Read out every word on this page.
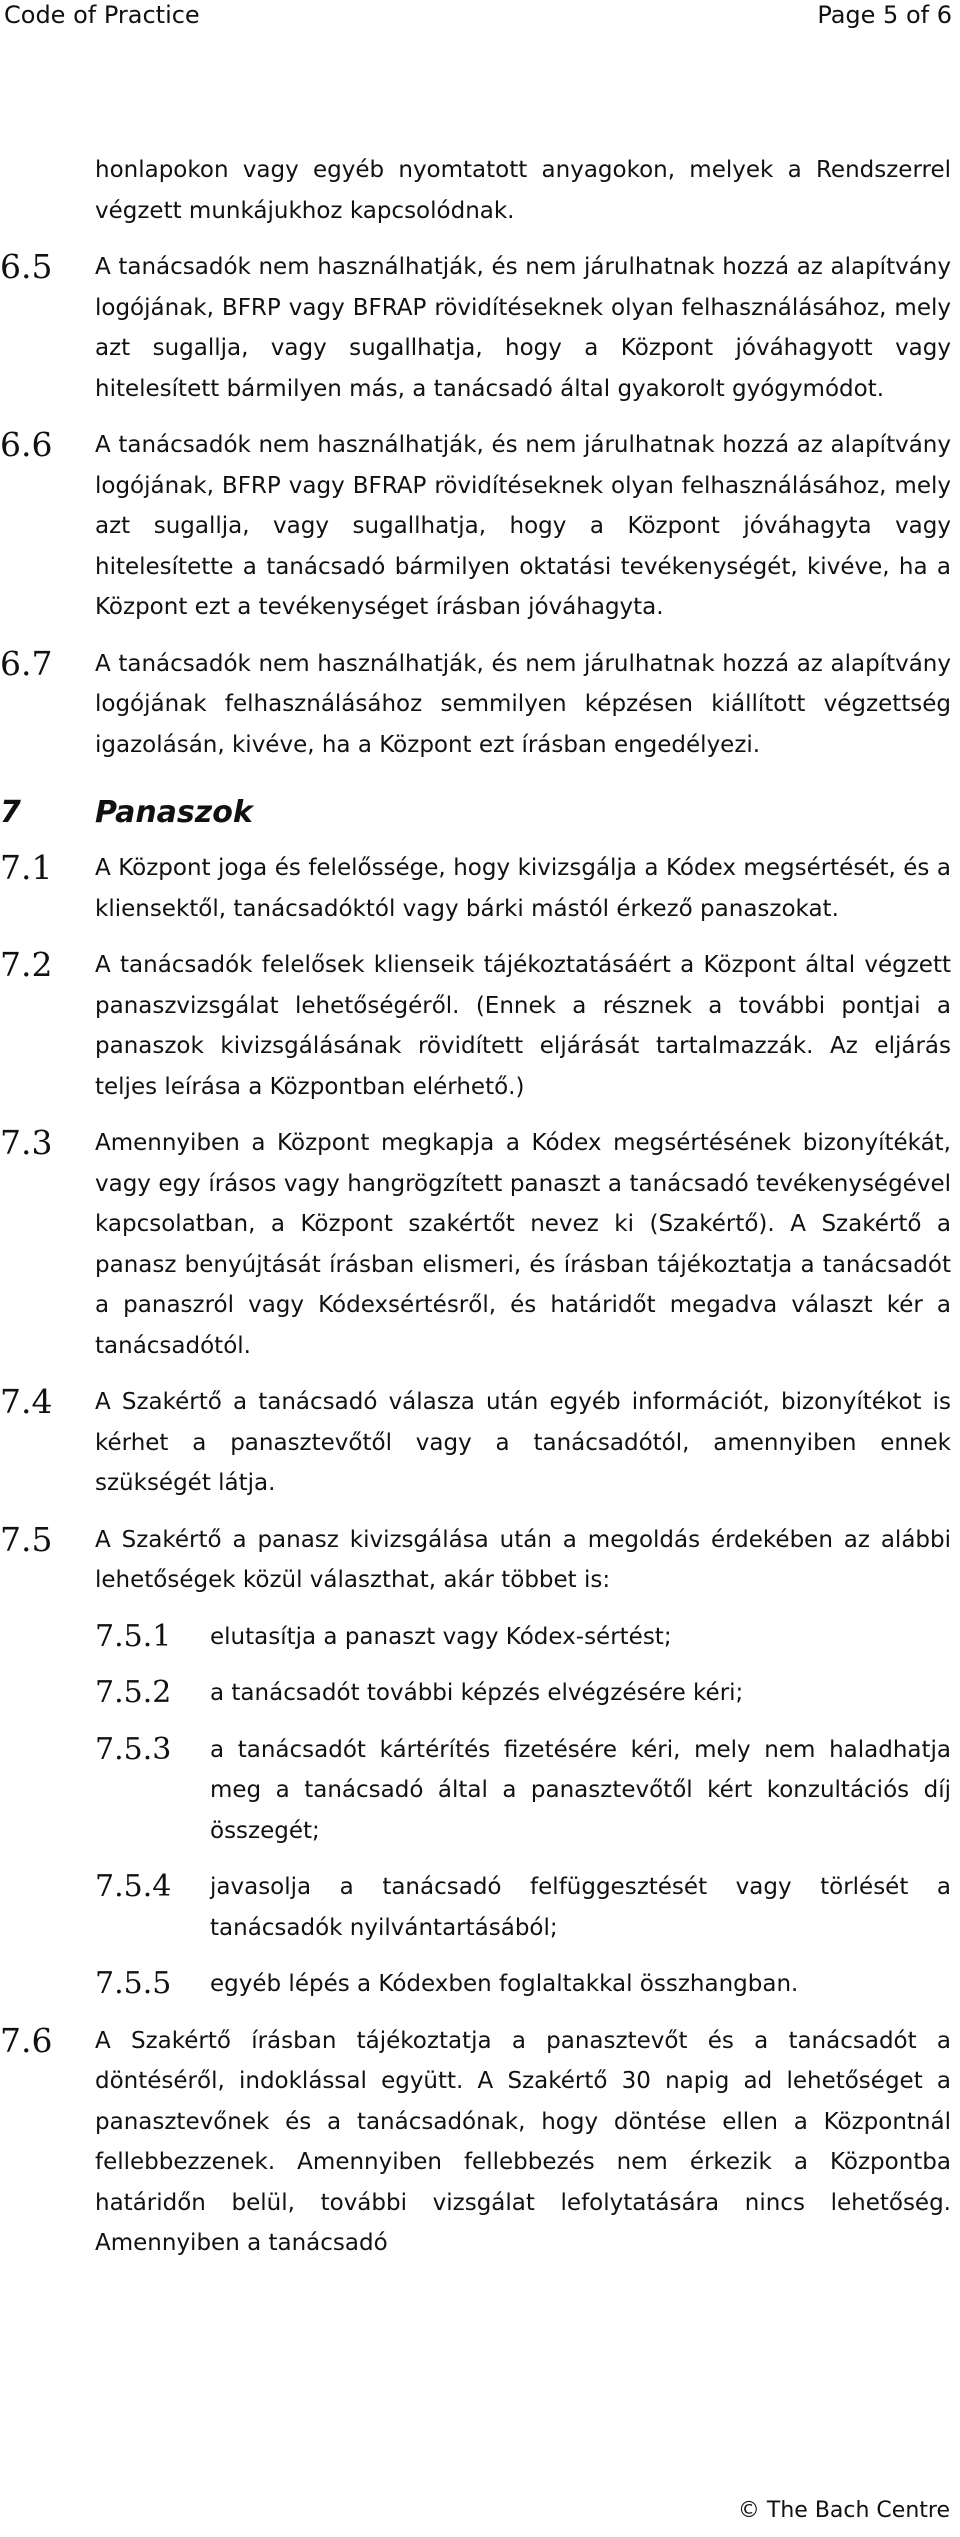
Code of Practice	Page 5 of 6
honlapokon vagy egyéb nyomtatott anyagokon, melyek a Rendszerrel végzett munkájukhoz kapcsolódnak.
6.5 A tanácsadók nem használhatják, és nem járulhatnak hozzá az alapítvány logójának, BFRP vagy BFRAP rövidítéseknek olyan felhasználásához, mely azt sugallja, vagy sugallhatja, hogy a Központ jóváhagyott vagy hitelesített bármilyen más, a tanácsadó által gyakorolt gyógymódot.
6.6 A tanácsadók nem használhatják, és nem járulhatnak hozzá az alapítvány logójának, BFRP vagy BFRAP rövidítéseknek olyan felhasználásához, mely azt sugallja, vagy sugallhatja, hogy a Központ jóváhagyta vagy hitelesítette a tanácsadó bármilyen oktatási tevékenységét, kivéve, ha a Központ ezt a tevékenységet írásban jóváhagyta.
6.7 A tanácsadók nem használhatják, és nem járulhatnak hozzá az alapítvány logójának felhasználásához semmilyen képzésen kiállított végzettség igazolásán, kivéve, ha a Központ ezt írásban engedélyezi.
7	Panaszok
7.1 A Központ joga és felelőssége, hogy kivizsgálja a Kódex megsértését, és a kliensektől, tanácsadóktól vagy bárki mástól érkező panaszokat.
7.2 A tanácsadók felelősek klienseik tájékoztatásáért a Központ által végzett panaszvizsgálat lehetőségéről. (Ennek a résznek a további pontjai a panaszok kivizsgálásának rövidített eljárását tartalmazzák. Az eljárás teljes leírása a Központban elérhető.)
7.3 Amennyiben a Központ megkapja a Kódex megsértésének bizonyítékát, vagy egy írásos vagy hangrögzített panaszt a tanácsadó tevékenységével kapcsolatban, a Központ szakértőt nevez ki (Szakértő). A Szakértő a panasz benyújtását írásban elismeri, és írásban tájékoztatja a tanácsadót a panaszról vagy Kódexsértésről, és határidőt megadva választ kér a tanácsadótól.
7.4 A Szakértő a tanácsadó válasza után egyéb információt, bizonyítékot is kérhet a panasztevőtől vagy a tanácsadótól, amennyiben ennek szükségét látja.
7.5 A Szakértő a panasz kivizsgálása után a megoldás érdekében az alábbi lehetőségek közül választhat, akár többet is:
7.5.1 elutasítja a panaszt vagy Kódex-sértést;
7.5.2 a tanácsadót további képzés elvégzésére kéri;
7.5.3 a tanácsadót kártérítés fizetésére kéri, mely nem haladhatja meg a tanácsadó által a panasztevőtől kért konzultációs díj összegét;
7.5.4 javasolja a tanácsadó felfüggesztését vagy törlését a tanácsadók nyilvántartásából;
7.5.5 egyéb lépés a Kódexben foglaltakkal összhangban.
7.6 A Szakértő írásban tájékoztatja a panasztevőt és a tanácsadót a döntéséről, indoklással együtt. A Szakértő 30 napig ad lehetőséget a panasztevőnek és a tanácsadónak, hogy döntése ellen a Központnál fellebbezzenek. Amennyiben fellebbezés nem érkezik a Központba határidőn belül, további vizsgálat lefolytatására nincs lehetőség. Amennyiben a tanácsadó
© The Bach Centre
